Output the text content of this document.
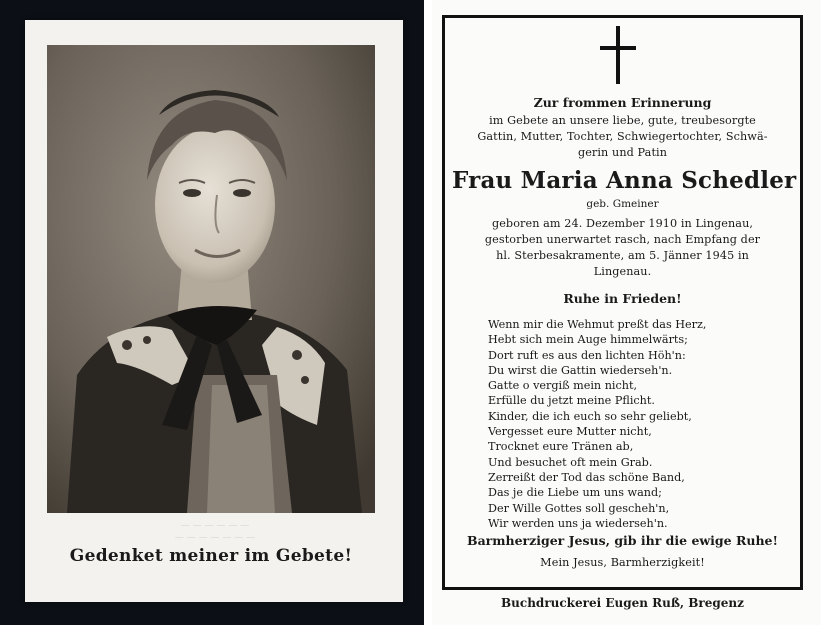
— — — — — —
— — — — — — —
Gedenket meiner im Gebete!
Zur frommen Erinnerung
im Gebete an unsere liebe, gute, treubesorgte
Gattin, Mutter, Tochter, Schwiegertochter, Schwä-
gerin und Patin
Frau Maria Anna Schedler
geb. Gmeiner
geboren am 24. Dezember 1910 in Lingenau,
gestorben unerwartet rasch, nach Empfang der
hl. Sterbesakramente, am 5. Jänner 1945 in
Lingenau.
Ruhe in Frieden!
Wenn mir die Wehmut preßt das Herz,
Hebt sich mein Auge himmelwärts;
Dort ruft es aus den lichten Höh'n:
Du wirst die Gattin wiederseh'n.
Gatte o vergiß mein nicht,
Erfülle du jetzt meine Pflicht.
Kinder, die ich euch so sehr geliebt,
Vergesset eure Mutter nicht,
Trocknet eure Tränen ab,
Und besuchet oft mein Grab.
Zerreißt der Tod das schöne Band,
Das je die Liebe um uns wand;
Der Wille Gottes soll gescheh'n,
Wir werden uns ja wiederseh'n.
Barmherziger Jesus, gib ihr die ewige Ruhe!
Mein Jesus, Barmherzigkeit!
Buchdruckerei Eugen Ruß, Bregenz
